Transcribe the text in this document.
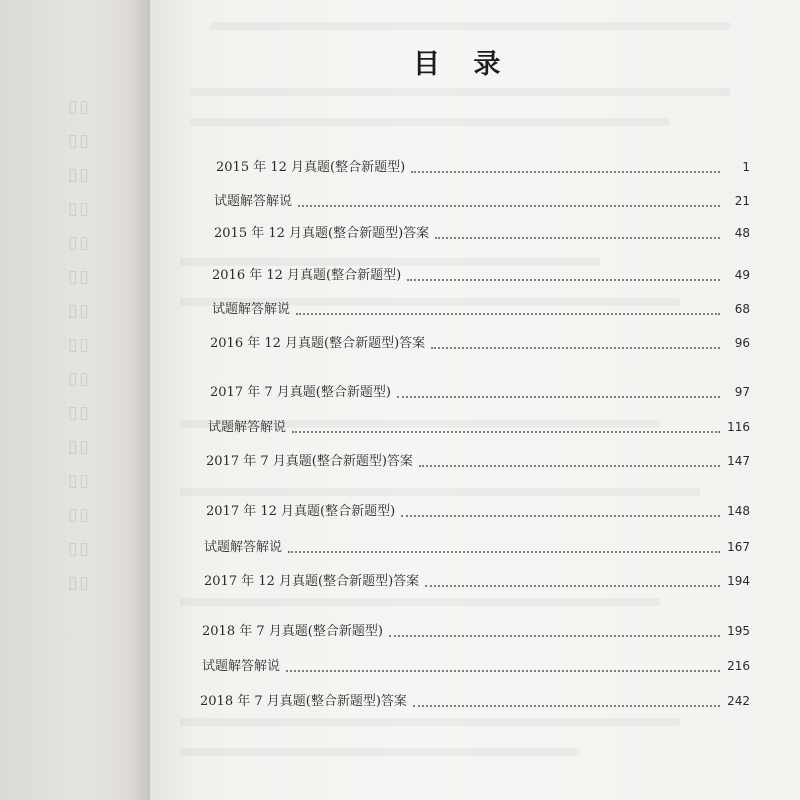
▯▯
▯▯
▯▯
▯▯
▯▯
▯▯
▯▯
▯▯
▯▯
▯▯
▯▯
▯▯
▯▯
▯▯
▯▯
目 录
2015 年 12 月真题(整合新题型)	1
试题解答解说	21
2015 年 12 月真题(整合新题型)答案	48
2016 年 12 月真题(整合新题型)	49
试题解答解说	68
2016 年 12 月真题(整合新题型)答案	96
2017 年 7 月真题(整合新题型)	97
试题解答解说	116
2017 年 7 月真题(整合新题型)答案	147
2017 年 12 月真题(整合新题型)	148
试题解答解说	167
2017 年 12 月真题(整合新题型)答案	194
2018 年 7 月真题(整合新题型)	195
试题解答解说	216
2018 年 7 月真题(整合新题型)答案	242
